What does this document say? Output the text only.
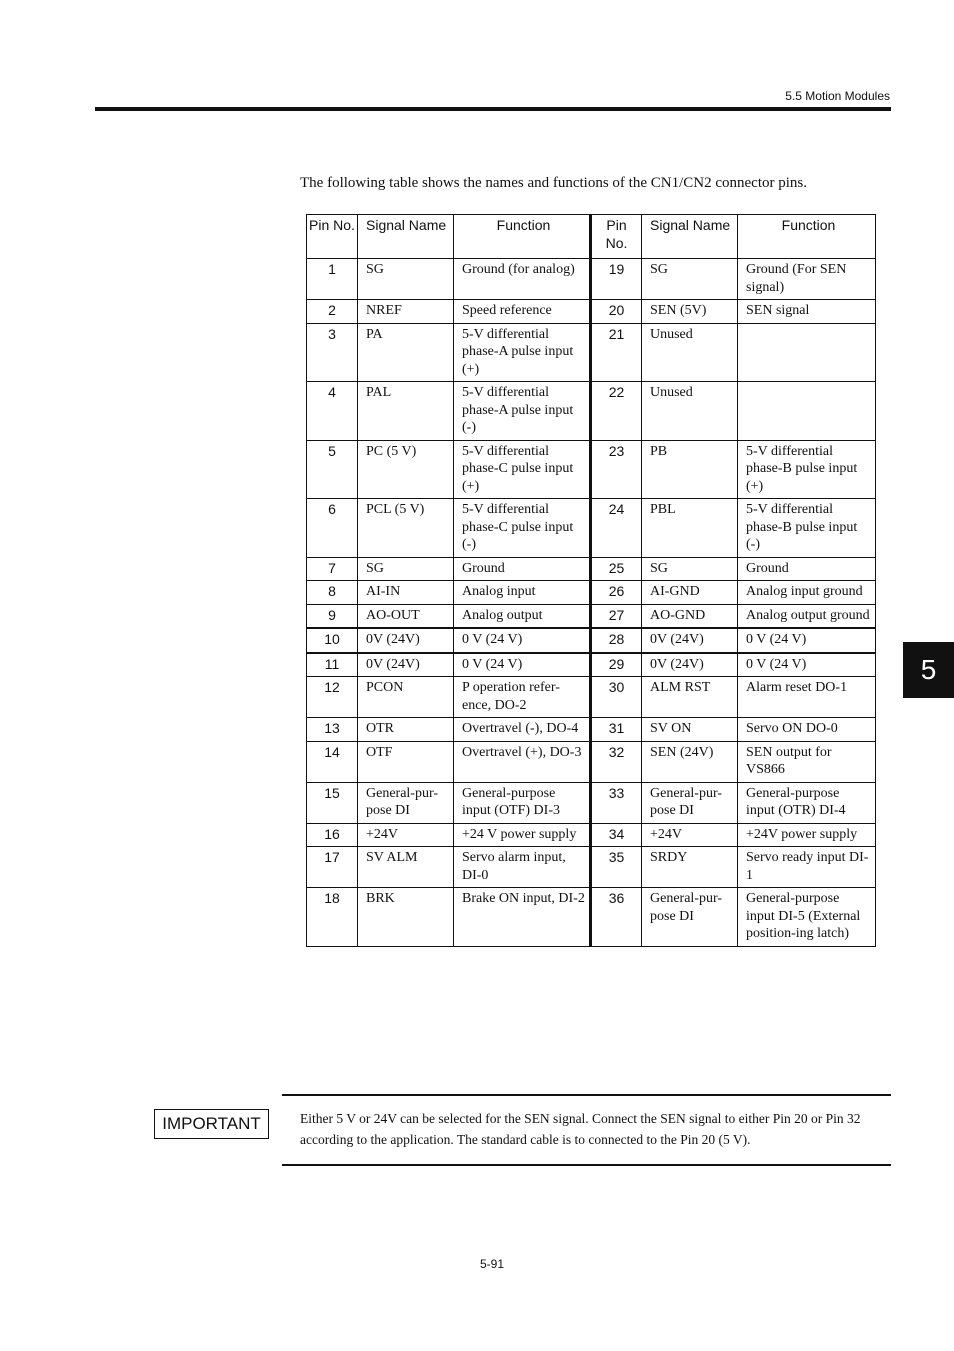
5.5 Motion Modules
The following table shows the names and functions of the CN1/CN2 connector pins.
Pin No.	Signal Name	Function	Pin No.	Signal Name	Function
1	SG	Ground (for analog)	19	SG	Ground (For SEN signal)
2	NREF	Speed reference	20	SEN (5V)	SEN signal
3	PA	5-V differential phase-A pulse input (+)	21	Unused	
4	PAL	5-V differential phase-A pulse input (-)	22	Unused	
5	PC (5 V)	5-V differential phase-C pulse input (+)	23	PB	5-V differential phase-B pulse input (+)
6	PCL (5 V)	5-V differential phase-C pulse input (-)	24	PBL	5-V differential phase-B pulse input (-)
7	SG	Ground	25	SG	Ground
8	AI-IN	Analog input	26	AI-GND	Analog input ground
9	AO-OUT	Analog output	27	AO-GND	Analog output ground
10	0V (24V)	0 V (24 V)	28	0V (24V)	0 V (24 V)
11	0V (24V)	0 V (24 V)	29	0V (24V)	0 V (24 V)
12	PCON	P operation refer-ence, DO-2	30	ALM RST	Alarm reset DO-1
13	OTR	Overtravel (-), DO-4	31	SV ON	Servo ON DO-0
14	OTF	Overtravel (+), DO-3	32	SEN (24V)	SEN output for VS866
15	General-pur-pose DI	General-purpose input (OTF) DI-3	33	General-pur-pose DI	General-purpose input (OTR) DI-4
16	+24V	+24 V power supply	34	+24V	+24V power supply
17	SV ALM	Servo alarm input, DI-0	35	SRDY	Servo ready input DI-1
18	BRK	Brake ON input, DI-2	36	General-pur-pose DI	General-purpose input DI-5 (External position-ing latch)
5
IMPORTANT	Either 5 V or 24V can be selected for the SEN signal. Connect the SEN signal to either Pin 20 or Pin 32 according to the application. The standard cable is to connected to the Pin 20 (5 V).
5-91
